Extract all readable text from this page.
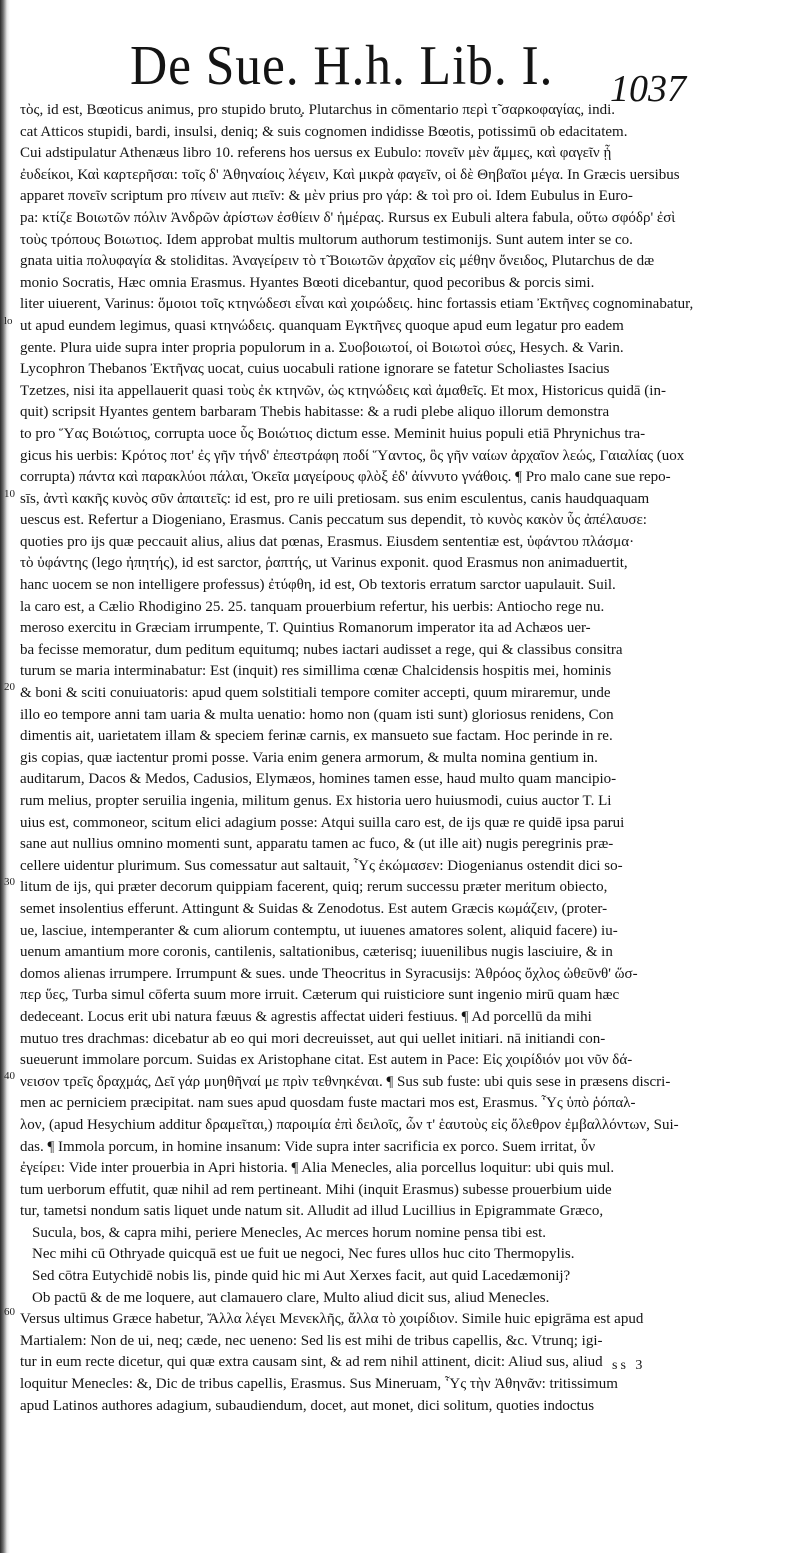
De Sue. H.h. Lib. I. 1037
lo
10
20
30
40
60
τὸς, id est, Bœoticus animus, pro stupido bruto̧. Plutarchus in cōmentario περὶ τ̃ σαρκοφαγίας, indi.
cat Atticos stupidi, bardi, insulsi, deniq; & suis cognomen indidisse Bœotis, potissimū ob edacitatem.
Cui adstipulatur Athenæus libro 10. referens hos uersus ex Eubulo: πονεῖν μὲν ἅμμες, καὶ φαγεῖν ᾗ
ἐυδείκοι, Καὶ καρτερῆσαι: τοῖς δ' Ἀθηναίοις λέγειν, Καὶ μικρὰ φαγεῖν, οἱ δὲ Θηβαῖοι μέγα. In Græcis uersibus
apparet πονεῖν scriptum pro πίνειν aut πιεῖν: & μὲν prius pro γάρ: & τοὶ pro οἱ. Idem Eubulus in Euro-
pa: κτίζε Βοιωτῶν πόλιν Ἀνδρῶν ἀρίστων ἐσθίειν δ' ἡμέρας. Rursus ex Eubuli altera fabula, οὕτω σφόδρ' ἐσὶ
τοὺς τρόπους Βοιωτιος. Idem approbat multis multorum authorum testimonijs. Sunt autem inter se co.
gnata uitia πολυφαγία & stoliditas. Ἀναγείρειν τὸ τ̃ Βοιωτῶν ἀρχαῖον εἰς μέθην ὄνειδος, Plutarchus de dæ
monio Socratis, Hæc omnia Erasmus. Hyantes Bœoti dicebantur, quod pecoribus & porcis simi.
liter uiuerent, Varinus: ὅμοιοι τοῖς κτηνώδεσι εἶναι καὶ χοιρώδεις. hinc fortassis etiam Ἐκτῆνες cognominabatur,
ut apud eundem legimus, quasi κτηνώδεις. quanquam Εγκτῆνες quoque apud eum legatur pro eadem
gente. Plura uide supra inter propria populorum in a. Συοβοιωτοί, οἱ Βοιωτοὶ σύες, Hesych. & Varin.
Lycophron Thebanos Ἐκτῆνας uocat, cuius uocabuli ratione ignorare se fatetur Scholiastes Isacius
Tzetzes, nisi ita appellauerit quasi τοὺς ἐκ κτηνῶν, ὡς κτηνώδεις καὶ ἀμαθεῖς. Et mox, Historicus quidā (in-
quit) scripsit Hyantes gentem barbaram Thebis habitasse: & a rudi plebe aliquo illorum demonstra
to pro Ὕας Βοιώτιος, corrupta uoce ὗς Βοιώτιος dictum esse. Meminit huius populi etiā Phrynichus tra-
gicus his uerbis: Κρότος ποτ' ἐς γῆν τήνδ' ἐπεστράφη ποδί Ὕαντος, ὃς γῆν ναίων ἀρχαῖον λεώς, Γαιαλίας (uox
corrupta) πάντα καὶ παρακλύοι πάλαι, Ὁκεῖα μαγείρους φλὸξ ἐδ' ἀίννυτο γνάθοις. ¶ Pro malo cane sue repo-
sīs, ἀντὶ κακῆς κυνὸς σῦν ἀπαιτεῖς: id est, pro re uili pretiosam. sus enim esculentus, canis haudquaquam
uescus est. Refertur a Diogeniano, Erasmus. Canis peccatum sus dependit, τὸ κυνὸς κακὸν ὗς ἀπέλαυσε:
quoties pro ijs quæ peccauit alius, alius dat pœnas, Erasmus. Eiusdem sententiæ est, ὑφάντου πλάσμα·
τὸ ὑφάντης (lego ἠπητής), id est sarctor, ῥαπτής, ut Varinus exponit. quod Erasmus non animaduertit,
hanc uocem se non intelligere professus) ἐτύφθη, id est, Ob textoris erratum sarctor uapulauit. Suil.
la caro est, a Cælio Rhodigino 25. 25. tanquam prouerbium refertur, his uerbis: Antiocho rege nu.
meroso exercitu in Græciam irrumpente, T. Quintius Romanorum imperator ita ad Achæos uer-
ba fecisse memoratur, dum peditum equitumq; nubes iactari audisset a rege, qui & classibus consitra
turum se maria interminabatur: Est (inquit) res simillima cœnæ Chalcidensis hospitis mei, hominis
& boni & sciti conuiuatoris: apud quem solstitiali tempore comiter accepti, quum miraremur, unde
illo eo tempore anni tam uaria & multa uenatio: homo non (quam isti sunt) gloriosus renidens, Con
dimentis ait, uarietatem illam & speciem ferinæ carnis, ex mansueto sue factam. Hoc perinde in re.
gis copias, quæ iactentur promi posse. Varia enim genera armorum, & multa nomina gentium in.
auditarum, Dacos & Medos, Cadusios, Elymæos, homines tamen esse, haud multo quam mancipio-
rum melius, propter seruilia ingenia, militum genus. Ex historia uero huiusmodi, cuius auctor T. Li
uius est, commoneor, scitum elici adagium posse: Atqui suilla caro est, de ijs quæ re quidē ipsa parui
sane aut nullius omnino momenti sunt, apparatu tamen ac fuco, & (ut ille ait) nugis peregrinis præ-
cellere uidentur plurimum. Sus comessatur aut saltauit, Ὗς ἐκώμασεν: Diogenianus ostendit dici so-
litum de ijs, qui præter decorum quippiam facerent, quiq; rerum successu præter meritum obiecto,
semet insolentius efferunt. Attingunt & Suidas & Zenodotus. Est autem Græcis κωμάζειν, (proter-
ue, lasciue, intemperanter & cum aliorum contemptu, ut iuuenes amatores solent, aliquid facere) iu-
uenum amantium more coronis, cantilenis, saltationibus, cæterisq; iuuenilibus nugis lasciuire, & in
domos alienas irrumpere. Irrumpunt & sues. unde Theocritus in Syracusijs: Ἀθρόος ὄχλος ὠθεῦνθ' ὥσ-
περ ὕες, Turba simul cōferta suum more irruit. Cæterum qui ruisticiore sunt ingenio mirū quam hæc
dedeceant. Locus erit ubi natura fæuus & agrestis affectat uideri festiuus. ¶ Ad porcellū da mihi
mutuo tres drachmas: dicebatur ab eo qui mori decreuisset, aut qui uellet initiari. nā initiandi con-
sueuerunt immolare porcum. Suidas ex Aristophane citat. Est autem in Pace: Εἰς χοιρίδιόν μοι νῦν δά-
νεισον τρεῖς δραχμάς, Δεῖ γάρ μυηθῆναί με πρὶν τεθνηκέναι. ¶ Sus sub fuste: ubi quis sese in præsens discri-
men ac perniciem præcipitat. nam sues apud quosdam fuste mactari mos est, Erasmus. Ὗς ὑπὸ ῥόπαλ-
λον, (apud Hesychium additur δραμεῖται,) παροιμία ἐπὶ δειλοῖς, ὧν τ' ἑαυτοὺς εἰς ὄλεθρον ἐμβαλλόντων, Sui-
das. ¶ Immola porcum, in homine insanum: Vide supra inter sacrificia ex porco. Suem irritat, ὗν
ἐγείρει: Vide inter prouerbia in Apri historia. ¶ Alia Menecles, alia porcellus loquitur: ubi quis mul.
tum uerborum effutit, quæ nihil ad rem pertineant. Mihi (inquit Erasmus) subesse prouerbium uide
tur, tametsi nondum satis liquet unde natum sit. Alludit ad illud Lucillius in Epigrammate Græco,
Sucula, bos, & capra mihi, periere Menecles, Ac merces horum nomine pensa tibi est.
Nec mihi cū Othryade quicquā est ue fuit ue negoci, Nec fures ullos huc cito Thermopylis.
Sed cōtra Eutychidē nobis lis, pinde quid hic mi Aut Xerxes facit, aut quid Lacedæmonij?
Ob pactū & de me loquere, aut clamauero clare, Multo aliud dicit sus, aliud Menecles.
Versus ultimus Græce habetur, Ἄλλα λέγει Μενεκλῆς, ἄλλα τὸ χοιρίδιον. Simile huic epigrāma est apud
Martialem: Non de ui, neq; cæde, nec ueneno: Sed lis est mihi de tribus capellis, &c. Vtrunq; igi-
tur in eum recte dicetur, qui quæ extra causam sint, & ad rem nihil attinent, dicit: Aliud sus, aliud
loquitur Menecles: &, Dic de tribus capellis, Erasmus. Sus Mineruam, Ὗς τὴν Ἀθηνᾶν: tritissimum
apud Latinos authores adagium, subaudiendum, docet, aut monet, dici solitum, quoties indoctus
ss 3
